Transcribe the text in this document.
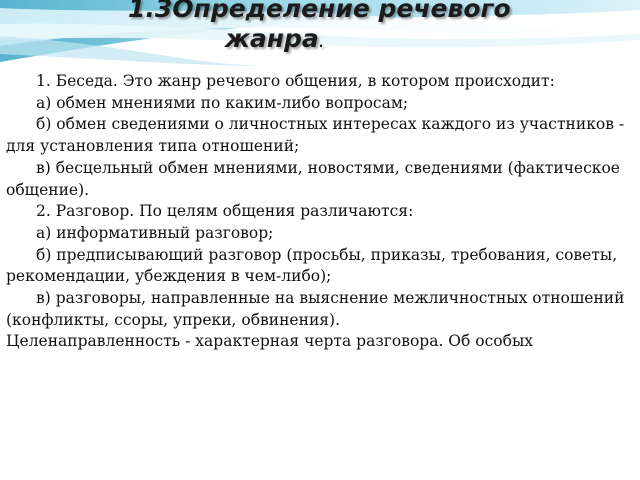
1.3Определение речевого
жанра.

1. Беседа. Это жанр речевого общения, в котором происходит:

а) обмен мнениями по каким-либо вопросам;

б) обмен сведениями о личностных интересах каждого из участников - для установления типа отношений;

в) бесцельный обмен мнениями, новостями, сведениями (фактическое общение).

2. Разговор. По целям общения различаются:

а) информативный разговор;

б) предписывающий разговор (просьбы, приказы, требования, советы, рекомендации, убеждения в чем-либо);

в) разговоры, направленные на выяснение межличностных отношений (конфликты, ссоры, упреки, обвинения).

Целенаправленность - характерная черта разговора. Об особых
